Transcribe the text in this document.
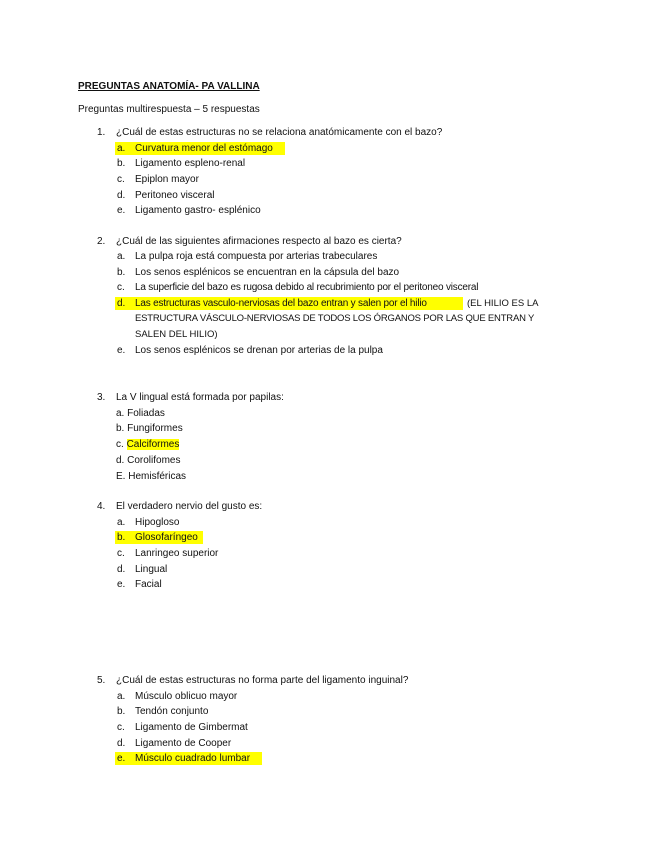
PREGUNTAS ANATOMÍA- PA VALLINA
Preguntas multirespuesta – 5 respuestas
1. ¿Cuál de estas estructuras no se relaciona anatómicamente con el bazo?
a. Curvatura menor del estómago
b. Ligamento espleno-renal
c. Epiplon mayor
d. Peritoneo visceral
e. Ligamento gastro- esplénico
2. ¿Cuál de las siguientes afirmaciones respecto al bazo es cierta?
a. La pulpa roja está compuesta por arterias trabeculares
b. Los senos esplénicos se encuentran en la cápsula del bazo
c. La superficie del bazo es rugosa debido al recubrimiento por el peritoneo visceral
d. Las estructuras vasculo-nerviosas del bazo entran y salen por el hilio	(EL HILIO ES LA
ESTRUCTURA VÁSCULO-NERVIOSAS DE TODOS LOS ÓRGANOS POR LAS QUE ENTRAN Y
SALEN DEL HILIO)
e. Los senos esplénicos se drenan por arterias de la pulpa
3. La V lingual está formada por papilas:
a. Foliadas
b. Fungiformes
c. Calciformes
d. Corolifomes
E. Hemisféricas
4. El verdadero nervio del gusto es:
a. Hipogloso
b. Glosofaríngeo
c. Lanringeo superior
d. Lingual
e. Facial
5. ¿Cuál de estas estructuras no forma parte del ligamento inguinal?
a. Músculo oblicuo mayor
b. Tendón conjunto
c. Ligamento de Gimbermat
d. Ligamento de Cooper
e. Músculo cuadrado lumbar
